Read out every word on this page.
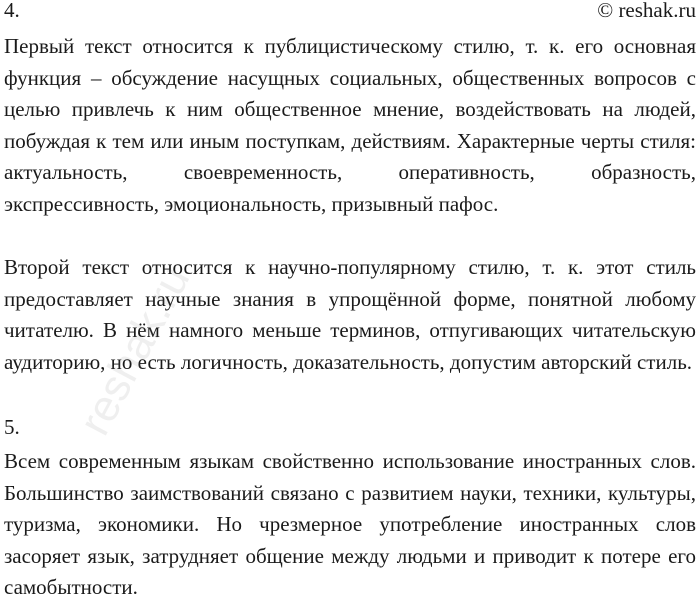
4.	© reshak.ru

Первый текст относится к публицистическому стилю, т. к. его основная функция – обсуждение насущных социальных, общественных вопросов с целью привлечь к ним общественное мнение, воздействовать на людей, побуждая к тем или иным поступкам, действиям. Характерные черты стиля: актуальность, своевременность, оперативность, образность, экспрессивность, эмоциональность, призывный пафос.

Второй текст относится к научно-популярному стилю, т. к. этот стиль предоставляет научные знания в упрощённой форме, понятной любому читателю. В нём намного меньше терминов, отпугивающих читательскую аудиторию, но есть логичность, доказательность, допустим авторский стиль.

5.

Всем современным языкам свойственно использование иностранных слов. Большинство заимствований связано с развитием науки, техники, культуры, туризма, экономики. Но чрезмерное употребление иностранных слов засоряет язык, затрудняет общение между людьми и приводит к потере его самобытности.

reshak.ru
